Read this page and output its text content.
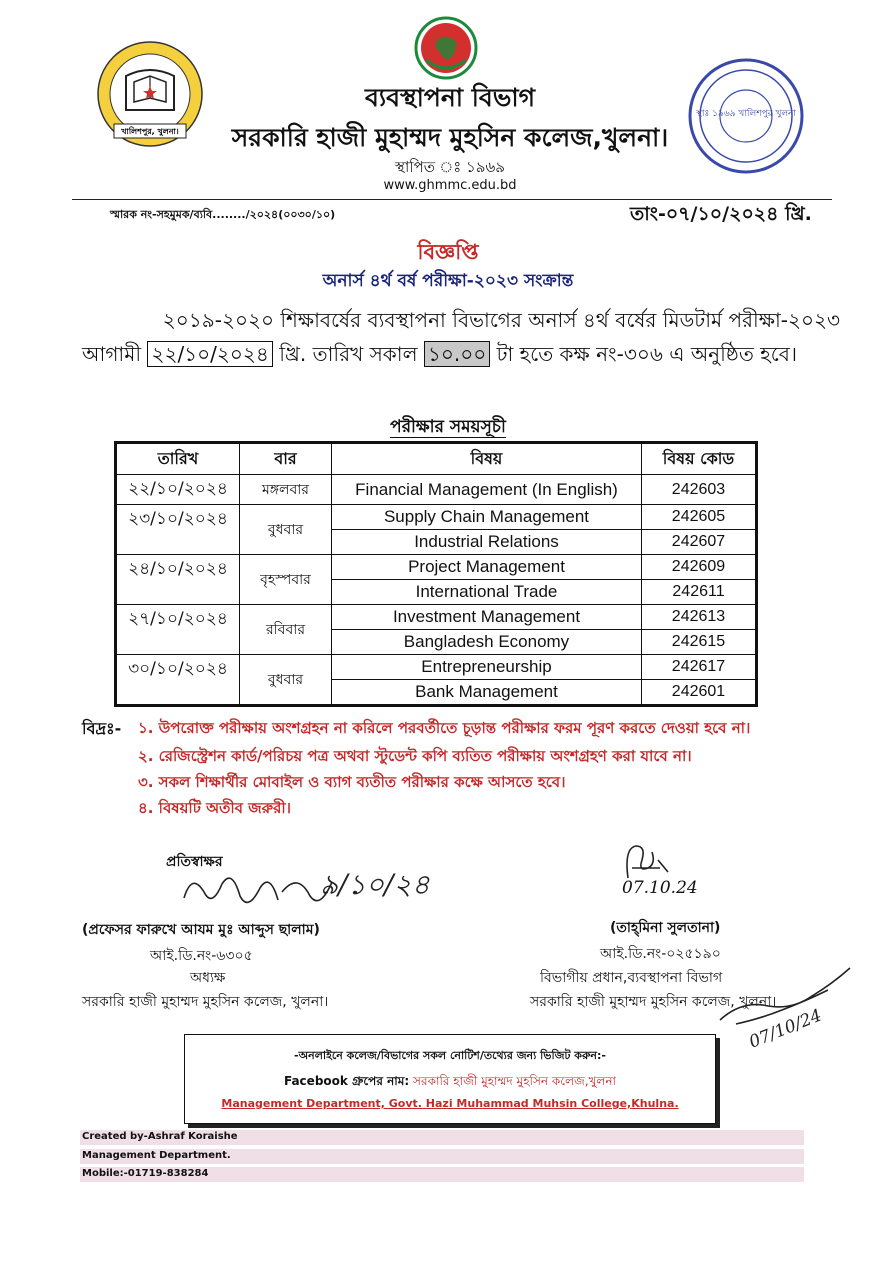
খালিশপুর, খুলনা।
স্থাঃ ১৯৬৯ খালিশপুর খুলনা
ব্যবস্থাপনা বিভাগ
সরকারি হাজী মুহাম্মদ মুহসিন কলেজ,খুলনা।
স্থাপিত ঃ ১৯৬৯
www.ghmmc.edu.bd
স্মারক নং-সহমুমক/ব্যবি......../২০২৪(০০৩০/১০)	তাং-০৭/১০/২০২৪ খ্রি.
বিজ্ঞপ্তি
অনার্স ৪র্থ বর্ষ পরীক্ষা-২০২৩ সংক্রান্ত
২০১৯-২০২০ শিক্ষাবর্ষের ব্যবস্থাপনা বিভাগের অনার্স ৪র্থ বর্ষের মিডটার্ম পরীক্ষা-২০২৩
আগামী ২২/১০/২০২৪ খ্রি. তারিখ সকাল ১০.০০ টা হতে কক্ষ নং-৩০৬ এ অনুষ্ঠিত হবে।
পরীক্ষার সময়সূচী
তারিখ	বার	বিষয়	বিষয় কোড
২২/১০/২০২৪	মঙ্গলবার	Financial Management (In English)	242603
২৩/১০/২০২৪	বুধবার	Supply Chain Management	242605
		Industrial Relations	242607
২৪/১০/২০২৪	বৃহস্পবার	Project Management	242609
		International Trade	242611
২৭/১০/২০২৪	রবিবার	Investment Management	242613
		Bangladesh Economy	242615
৩০/১০/২০২৪	বুধবার	Entrepreneurship	242617
		Bank Management	242601
বিদ্রঃ- ১. উপরোক্ত পরীক্ষায় অংশগ্রহন না করিলে পরবর্তীতে চূড়ান্ত পরীক্ষার ফরম পূরণ করতে দেওয়া হবে না।
২. রেজিস্ট্রেশন কার্ড/পরিচয় পত্র অথবা স্টুডেন্ট কপি ব্যতিত পরীক্ষায় অংশগ্রহণ করা যাবে না।
৩. সকল শিক্ষার্থীর মোবাইল ও ব্যাগ ব্যতীত পরীক্ষার কক্ষে আসতে হবে।
৪. বিষয়টি অতীব জরুরী।
প্রতিস্বাক্ষর
৯/১০/২৪
(প্রফেসর ফারুখে আযম মুঃ আব্দুস ছালাম)
আই.ডি.নং-৬৩০৫
অধ্যক্ষ
সরকারি হাজী মুহাম্মদ মুহসিন কলেজ, খুলনা।
07.10.24
(তাহ্‌মিনা সুলতানা)
আই.ডি.নং-০২৫১৯০
বিভাগীয় প্রধান,ব্যবস্থাপনা বিভাগ
সরকারি হাজী মুহাম্মদ মুহসিন কলেজ, খুলনা।
07/10/24
-অনলাইনে কলেজ/বিভাগের সকল নোটিশ/তথ্যের জন্য ভিজিট করুন:-
Facebook গ্রুপের নাম: সরকারি হাজী মুহাম্মদ মুহসিন কলেজ,খুলনা
Management Department, Govt. Hazi Muhammad Muhsin College,Khulna.
Created by-Ashraf Koraishe
Management Department.
Mobile:-01719-838284
